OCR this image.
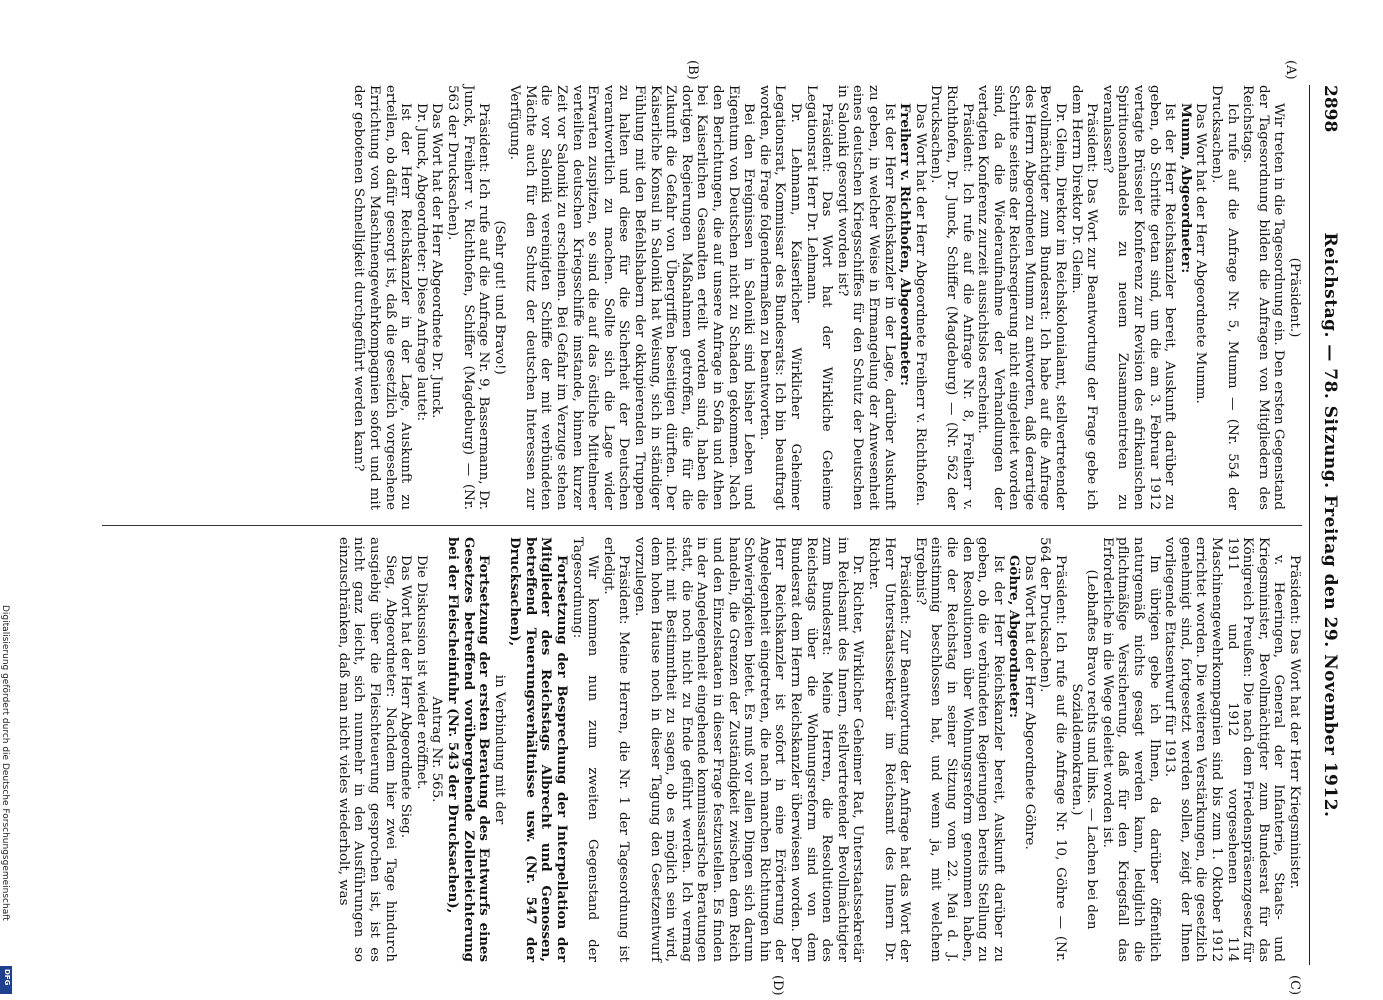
2898
Reichstag. — 78. Sitzung. Freitag den 29. November 1912.
(A)
(B)
(C)
(D)

(Präsident.)

Wir treten in die Tagesordnung ein. Den ersten Gegenstand der Tagesordnung bilden die Anfragen von Mitgliedern des Reichstags.

Ich rufe auf die Anfrage Nr. 5, Mumm — (Nr. 554 der Drucksachen).

Das Wort hat der Herr Abgeordnete Mumm.

Mumm, Abgeordneter:

Ist der Herr Reichskanzler bereit, Auskunft darüber zu geben, ob Schritte getan sind, um die am 3. Februar 1912 vertagte Brüsseler Konferenz zur Revision des afrikanischen Spirituosenhandels zu neuem Zusammentreten zu veranlassen?

Präsident: Das Wort zur Beantwortung der Frage gebe ich dem Herrn Direktor Dr. Gleim.

Dr. Gleim, Direktor im Reichskolonialamt, stellvertretender Bevollmächtigter zum Bundesrat: Ich habe auf die Anfrage des Herrn Abgeordneten Mumm zu antworten, daß derartige Schritte seitens der Reichsregierung nicht eingeleitet worden sind, da die Wiederaufnahme der Verhandlungen der vertagten Konferenz zurzeit aussichtslos erscheint.

Präsident: Ich rufe auf die Anfrage Nr. 8, Freiherr v. Richthofen, Dr. Junck, Schiffer (Magdeburg) — (Nr. 562 der Drucksachen).

Das Wort hat der Herr Abgeordnete Freiherr v. Richthofen.

Freiherr v. Richthofen, Abgeordneter:

Ist der Herr Reichskanzler in der Lage, darüber Auskunft zu geben, in welcher Weise in Ermangelung der Anwesenheit eines deutschen Kriegsschiffes für den Schutz der Deutschen in Saloniki gesorgt worden ist?

Präsident: Das Wort hat der Wirkliche Geheime Legationsrat Herr Dr. Lehmann.

Dr. Lehmann, Kaiserlicher Wirklicher Geheimer Legationsrat, Kommissar des Bundesrats: Ich bin beauftragt worden, die Frage folgendermaßen zu beantworten.

Bei den Ereignissen in Saloniki sind bisher Leben und Eigentum von Deutschen nicht zu Schaden gekommen. Nach den Berichtungen, die auf unsere Anfrage in Sofia und Athen bei Kaiserlichen Gesandten erteilt worden sind, haben die dortigen Regierungen Maßnahmen getroffen, die für die Zukunft die Gefahr von Übergriffen beseitigen dürften. Der Kaiserliche Konsul in Saloniki hat Weisung, sich in ständiger Fühlung mit den Befehlshabern der okkupierenden Truppen zu halten und diese für die Sicherheit der Deutschen verantwortlich zu machen. Sollte sich die Lage wider Erwarten zuspitzen, so sind die auf das östliche Mittelmeer verteilten deutschen Kriegsschiffe imstande, binnen kurzer Zeit vor Saloniki zu erscheinen. Bei Gefahr im Verzuge stehen die vor Saloniki vereinigten Schiffe der mit verbündeten Mächte auch für den Schutz der deutschen Interessen zur Verfügung.

(Sehr gut! und Bravo!)

Präsident: Ich rufe auf die Anfrage Nr. 9, Bassermann, Dr. Junck, Freiherr v. Richthofen, Schiffer (Magdeburg) — (Nr. 563 der Drucksachen).

Das Wort hat der Herr Abgeordnete Dr. Junck.

Dr. Junck, Abgeordneter: Diese Anfrage lautet:

Ist der Herr Reichskanzler in der Lage, Auskunft zu erteilen, ob dafür gesorgt ist, daß die gesetzlich vorgesehene Errichtung von Maschinengewehrkompagnien sofort und mit der gebotenen Schnelligkeit durchgeführt werden kann?

Präsident: Das Wort hat der Herr Kriegsminister.

v. Heeringen, General der Infanterie, Staats- und Kriegsminister, Bevollmächtigter zum Bundesrat für das Königreich Preußen: Die nach dem Friedenspräsenzgesetz für 1911 und 1912 vorgesehenen 114 Maschinengewehrkompagnien sind bis zum 1. Oktober 1912 errichtet worden. Die weiteren Verstärkungen, die gesetzlich genehmigt sind, fortgesetzt werden sollen, zeigt der Ihnen vorliegende Etatsentwurf für 1913.

Im übrigen gebe ich Ihnen, da darüber öffentlich naturgemäß nichts gesagt werden kann, lediglich die pflichtmäßige Versicherung, daß für den Kriegsfall das Erforderliche in die Wege geleitet worden ist.

(Lebhaftes Bravo rechts und links. — Lachen bei den Sozialdemokraten.)

Präsident: Ich rufe auf die Anfrage Nr. 10, Göhre — (Nr. 564 der Drucksachen).

Das Wort hat der Herr Abgeordnete Göhre.

Göhre, Abgeordneter:

Ist der Herr Reichskanzler bereit, Auskunft darüber zu geben, ob die verbündeten Regierungen bereits Stellung zu den Resolutionen über Wohnungsreform genommen haben, die der Reichstag in seiner Sitzung vom 22. Mai d. J. einstimmig beschlossen hat, und wenn ja, mit welchem Ergebnis?

Präsident: Zur Beantwortung der Anfrage hat das Wort der Herr Unterstaatssekretär im Reichsamt des Innern Dr. Richter.

Dr. Richter, Wirklicher Geheimer Rat, Unterstaatssekretär im Reichsamt des Innern, stellvertretender Bevollmächtigter zum Bundesrat: Meine Herren, die Resolutionen des Reichstags über die Wohnungsreform sind von dem Bundesrat dem Herrn Reichskanzler überwiesen worden. Der Herr Reichskanzler ist sofort in eine Erörterung der Angelegenheit eingetreten, die nach manchen Richtungen hin Schwierigkeiten bietet. Es muß vor allen Dingen sich darum handeln, die Grenzen der Zuständigkeit zwischen dem Reich und den Einzelstaaten in dieser Frage festzustellen. Es finden in der Angelegenheit eingehende kommissarische Beratungen statt, die noch nicht zu Ende geführt werden. Ich vermag nicht mit Bestimmtheit zu sagen, ob es möglich sein wird, dem hohen Hause noch in dieser Tagung den Gesetzentwurf vorzulegen.

Präsident: Meine Herren, die Nr. 1 der Tagesordnung ist erledigt.

Wir kommen nun zum zweiten Gegenstand der Tagesordnung:

Fortsetzung der Besprechung der Interpellation der Mitglieder des Reichstags Albrecht und Genossen, betreffend Teuerungsverhältnisse usw. (Nr. 547 der Drucksachen),

in Verbindung mit der

Fortsetzung der ersten Beratung des Entwurfs eines Gesetzes betreffend vorübergehende Zollerleichterung bei der Fleischeinfuhr (Nr. 543 der Drucksachen),

Antrag Nr. 565.

Die Diskussion ist wieder eröffnet.

Das Wort hat der Herr Abgeordnete Sieg.

Sieg, Abgeordneter: Nachdem hier zwei Tage hindurch ausgiebig über die Fleischteuerung gesprochen ist, ist es nicht ganz leicht, sich nunmehr in den Ausführungen so einzuschränken, daß man nicht vieles wiederholt, was

Digitalisierung gefördert durch die Deutsche Forschungsgemeinschaft
DFG
